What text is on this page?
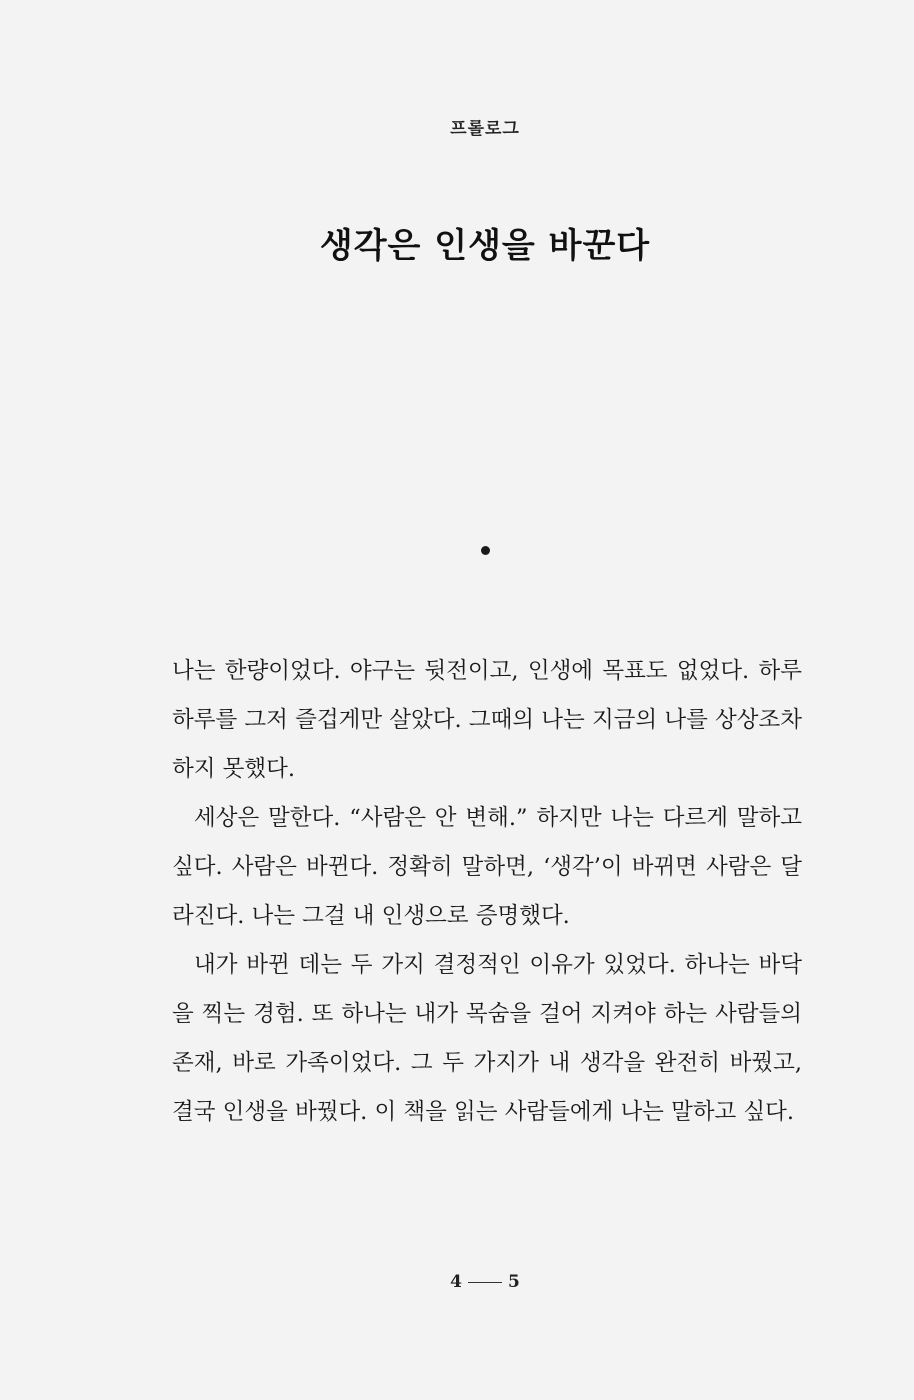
프롤로그
생각은 인생을 바꾼다

나는 한량이었다. 야구는 뒷전이고, 인생에 목표도 없었다. 하루하루를 그저 즐겁게만 살았다. 그때의 나는 지금의 나를 상상조차 하지 못했다.

세상은 말한다. “사람은 안 변해.” 하지만 나는 다르게 말하고 싶다. 사람은 바뀐다. 정확히 말하면, ‘생각’이 바뀌면 사람은 달라진다. 나는 그걸 내 인생으로 증명했다.

내가 바뀐 데는 두 가지 결정적인 이유가 있었다. 하나는 바닥을 찍는 경험. 또 하나는 내가 목숨을 걸어 지켜야 하는 사람들의 존재, 바로 가족이었다. 그 두 가지가 내 생각을 완전히 바꿨고, 결국 인생을 바꿨다. 이 책을 읽는 사람들에게 나는 말하고 싶다.

4	5
